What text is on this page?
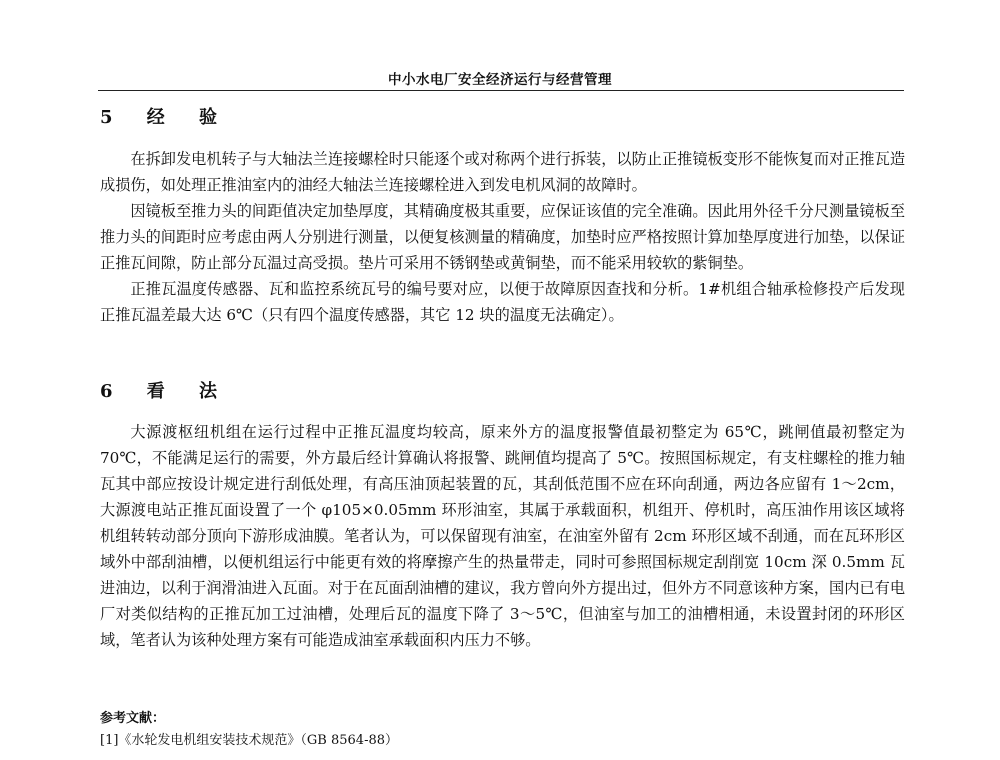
中小水电厂安全经济运行与经营管理
5 经 验

在拆卸发电机转子与大轴法兰连接螺栓时只能逐个或对称两个进行拆装，以防止正推镜板变形不能恢复而对正推瓦造成损伤，如处理正推油室内的油经大轴法兰连接螺栓进入到发电机风洞的故障时。

因镜板至推力头的间距值决定加垫厚度，其精确度极其重要，应保证该值的完全准确。因此用外径千分尺测量镜板至推力头的间距时应考虑由两人分别进行测量，以便复核测量的精确度，加垫时应严格按照计算加垫厚度进行加垫，以保证正推瓦间隙，防止部分瓦温过高受损。垫片可采用不锈钢垫或黄铜垫，而不能采用较软的紫铜垫。

正推瓦温度传感器、瓦和监控系统瓦号的编号要对应，以便于故障原因查找和分析。1#机组合轴承检修投产后发现正推瓦温差最大达 6℃（只有四个温度传感器，其它 12 块的温度无法确定）。

6 看 法

大源渡枢纽机组在运行过程中正推瓦温度均较高，原来外方的温度报警值最初整定为 65℃，跳闸值最初整定为 70℃，不能满足运行的需要，外方最后经计算确认将报警、跳闸值均提高了 5℃。按照国标规定，有支柱螺栓的推力轴瓦其中部应按设计规定进行刮低处理，有高压油顶起装置的瓦，其刮低范围不应在环向刮通，两边各应留有 1～2cm，大源渡电站正推瓦面设置了一个 φ105×0.05mm 环形油室，其属于承载面积，机组开、停机时，高压油作用该区域将机组转转动部分顶向下游形成油膜。笔者认为，可以保留现有油室，在油室外留有 2cm 环形区域不刮通，而在瓦环形区域外中部刮油槽，以便机组运行中能更有效的将摩擦产生的热量带走，同时可参照国标规定刮削宽 10cm 深 0.5mm 瓦进油边，以利于润滑油进入瓦面。对于在瓦面刮油槽的建议，我方曾向外方提出过，但外方不同意该种方案，国内已有电厂对类似结构的正推瓦加工过油槽，处理后瓦的温度下降了 3～5℃，但油室与加工的油槽相通，未设置封闭的环形区域，笔者认为该种处理方案有可能造成油室承载面积内压力不够。

参考文献：
[1]《水轮发电机组安装技术规范》（GB 8564-88）
